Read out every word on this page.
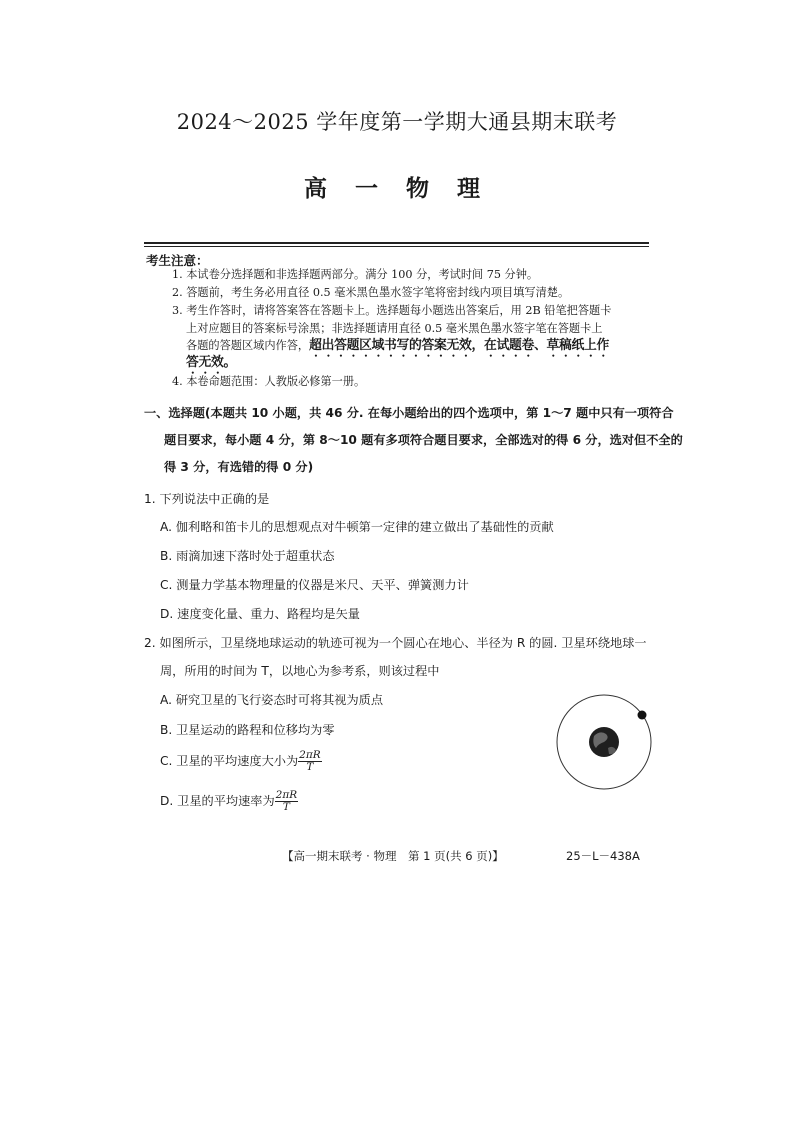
2024～2025 学年度第一学期大通县期末联考
高 一 物 理
考生注意：
1. 本试卷分选择题和非选择题两部分。满分 100 分，考试时间 75 分钟。
2. 答题前，考生务必用直径 0.5 毫米黑色墨水签字笔将密封线内项目填写清楚。
3. 考生作答时，请将答案答在答题卡上。选择题每小题选出答案后，用 2B 铅笔把答题卡
上对应题目的答案标号涂黑；非选择题请用直径 0.5 毫米黑色墨水签字笔在答题卡上
各题的答题区域内作答，超出答题区域书写的答案无效，在试题卷、草稿纸上作
答无效。
4. 本卷命题范围：人教版必修第一册。
一、选择题(本题共 10 小题，共 46 分. 在每小题给出的四个选项中，第 1～7 题中只有一项符合
题目要求，每小题 4 分，第 8～10 题有多项符合题目要求，全部选对的得 6 分，选对但不全的
得 3 分，有选错的得 0 分)
1. 下列说法中正确的是
A. 伽利略和笛卡儿的思想观点对牛顿第一定律的建立做出了基础性的贡献
B. 雨滴加速下落时处于超重状态
C. 测量力学基本物理量的仪器是米尺、天平、弹簧测力计
D. 速度变化量、重力、路程均是矢量
2. 如图所示，卫星绕地球运动的轨迹可视为一个圆心在地心、半径为 R 的圆. 卫星环绕地球一
周，所用的时间为 T，以地心为参考系，则该过程中
A. 研究卫星的飞行姿态时可将其视为质点
B. 卫星运动的路程和位移均为零
C. 卫星的平均速度大小为 $\frac{2\pi R}{T}$
D. 卫星的平均速率为 $\frac{2\pi R}{T}$
【高一期末联考 · 物理　第 1 页(共 6 页)】	25－L－438A
